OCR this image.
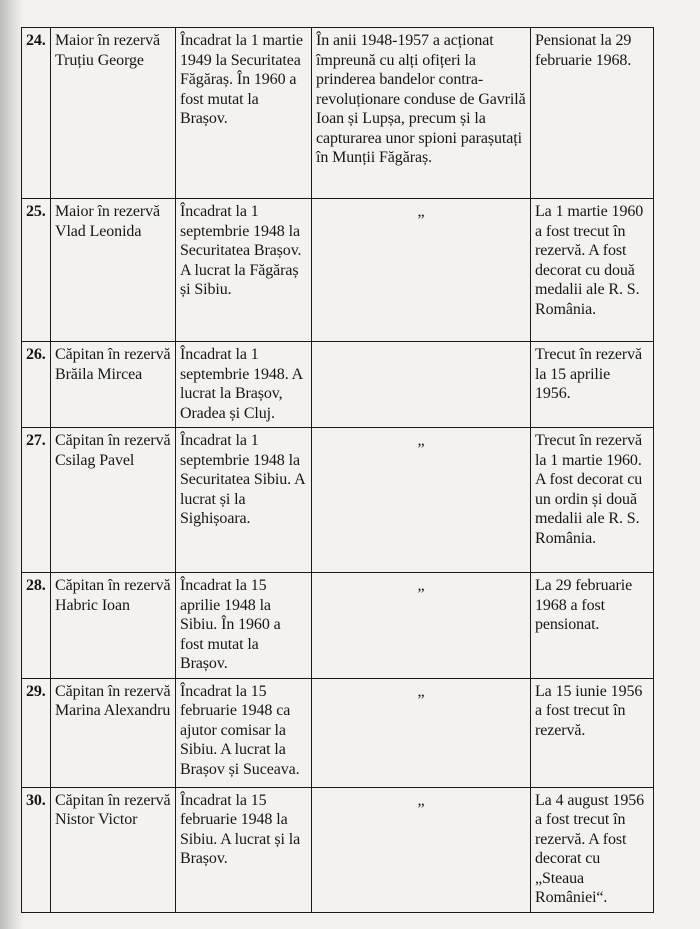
24.	Maior în rezervă Truțiu George	Încadrat la 1 martie 1949 la Securitatea Făgăraș. În 1960 a fost mutat la Brașov.	În anii 1948-1957 a acționat împreună cu alți ofițeri la prinderea bandelor contra-revoluționare conduse de Gavrilă Ioan și Lupșa, precum și la capturarea unor spioni parașutați în Munții Făgăraș.	Pensionat la 29 februarie 1968.
25.	Maior în rezervă Vlad Leonida	Încadrat la 1 septembrie 1948 la Securitatea Brașov. A lucrat la Făgăraș și Sibiu.	„	La 1 martie 1960 a fost trecut în rezervă. A fost decorat cu două medalii ale R. S. România.
26.	Căpitan în rezervă Brăila Mircea	Încadrat la 1 septembrie 1948. A lucrat la Brașov, Oradea și Cluj.		Trecut în rezervă la 15 aprilie 1956.
27.	Căpitan în rezervă Csilag Pavel	Încadrat la 1 septembrie 1948 la Securitatea Sibiu. A lucrat și la Sighișoara.	„	Trecut în rezervă la 1 martie 1960. A fost decorat cu un ordin și două medalii ale R. S. România.
28.	Căpitan în rezervă Habric Ioan	Încadrat la 15 aprilie 1948 la Sibiu. În 1960 a fost mutat la Brașov.	„	La 29 februarie 1968 a fost pensionat.
29.	Căpitan în rezervă Marina Alexandru	Încadrat la 15 februarie 1948 ca ajutor comisar la Sibiu. A lucrat la Brașov și Suceava.	„	La 15 iunie 1956 a fost trecut în rezervă.
30.	Căpitan în rezervă Nistor Victor	Încadrat la 15 februarie 1948 la Sibiu. A lucrat și la Brașov.	„	La 4 august 1956 a fost trecut în rezervă. A fost decorat cu „Steaua României“.
